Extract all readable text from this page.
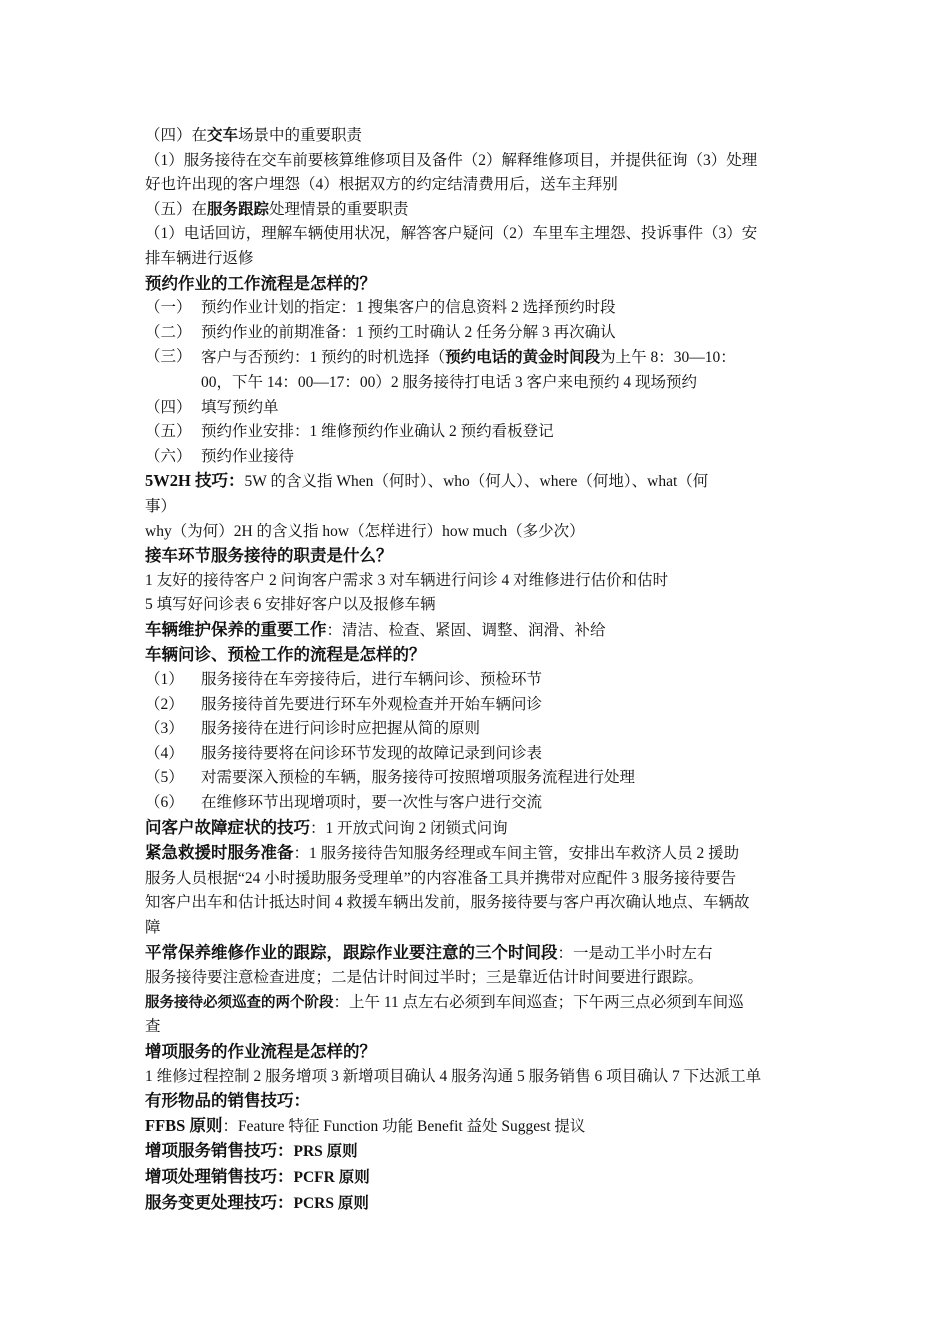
（四）在交车场景中的重要职责
（1）服务接待在交车前要核算维修项目及备件（2）解释维修项目，并提供征询（3）处理
好也许出现的客户埋怨（4）根据双方的约定结清费用后，送车主拜别
（五）在服务跟踪处理情景的重要职责
（1）电话回访，理解车辆使用状况，解答客户疑问（2）车里车主埋怨、投诉事件（3）安
排车辆进行返修
预约作业的工作流程是怎样的？
（一） 预约作业计划的指定：1 搜集客户的信息资料 2 选择预约时段
（二） 预约作业的前期准备：1 预约工时确认 2 任务分解 3 再次确认
（三） 客户与否预约：1 预约的时机选择（预约电话的黄金时间段为上午 8：30—10：
00，下午 14：00—17：00）2 服务接待打电话 3 客户来电预约 4 现场预约
（四） 填写预约单
（五） 预约作业安排：1 维修预约作业确认 2 预约看板登记
（六） 预约作业接待
5W2H 技巧：5W 的含义指 When（何时）、who（何人）、where（何地）、what（何
事）
why（为何）2H 的含义指 how（怎样进行）how much（多少次）
接车环节服务接待的职责是什么？
1 友好的接待客户 2 问询客户需求 3 对车辆进行问诊 4 对维修进行估价和估时
5 填写好问诊表 6 安排好客户以及报修车辆
车辆维护保养的重要工作：清洁、检查、紧固、调整、润滑、补给
车辆问诊、预检工作的流程是怎样的？
（1）	服务接待在车旁接待后，进行车辆问诊、预检环节
（2）	服务接待首先要进行环车外观检查并开始车辆问诊
（3）	服务接待在进行问诊时应把握从简的原则
（4）	服务接待要将在问诊环节发现的故障记录到问诊表
（5）	对需要深入预检的车辆，服务接待可按照增项服务流程进行处理
（6）	在维修环节出现增项时，要一次性与客户进行交流
问客户故障症状的技巧：1 开放式问询 2 闭锁式问询
紧急救援时服务准备：1 服务接待告知服务经理或车间主管，安排出车救济人员 2 援助
服务人员根据“24 小时援助服务受理单”的内容准备工具并携带对应配件 3 服务接待要告
知客户出车和估计抵达时间 4 救援车辆出发前，服务接待要与客户再次确认地点、车辆故
障
平常保养维修作业的跟踪，跟踪作业要注意的三个时间段：一是动工半小时左右
服务接待要注意检查进度；二是估计时间过半时；三是靠近估计时间要进行跟踪。
服务接待必须巡查的两个阶段：上午 11 点左右必须到车间巡查；下午两三点必须到车间巡
查
增项服务的作业流程是怎样的？
1 维修过程控制 2 服务增项 3 新增项目确认 4 服务沟通 5 服务销售 6 项目确认 7 下达派工单
有形物品的销售技巧：
FFBS 原则：Feature 特征 Function 功能 Benefit 益处 Suggest 提议
增项服务销售技巧：PRS 原则
增项处理销售技巧：PCFR 原则
服务变更处理技巧：PCRS 原则
